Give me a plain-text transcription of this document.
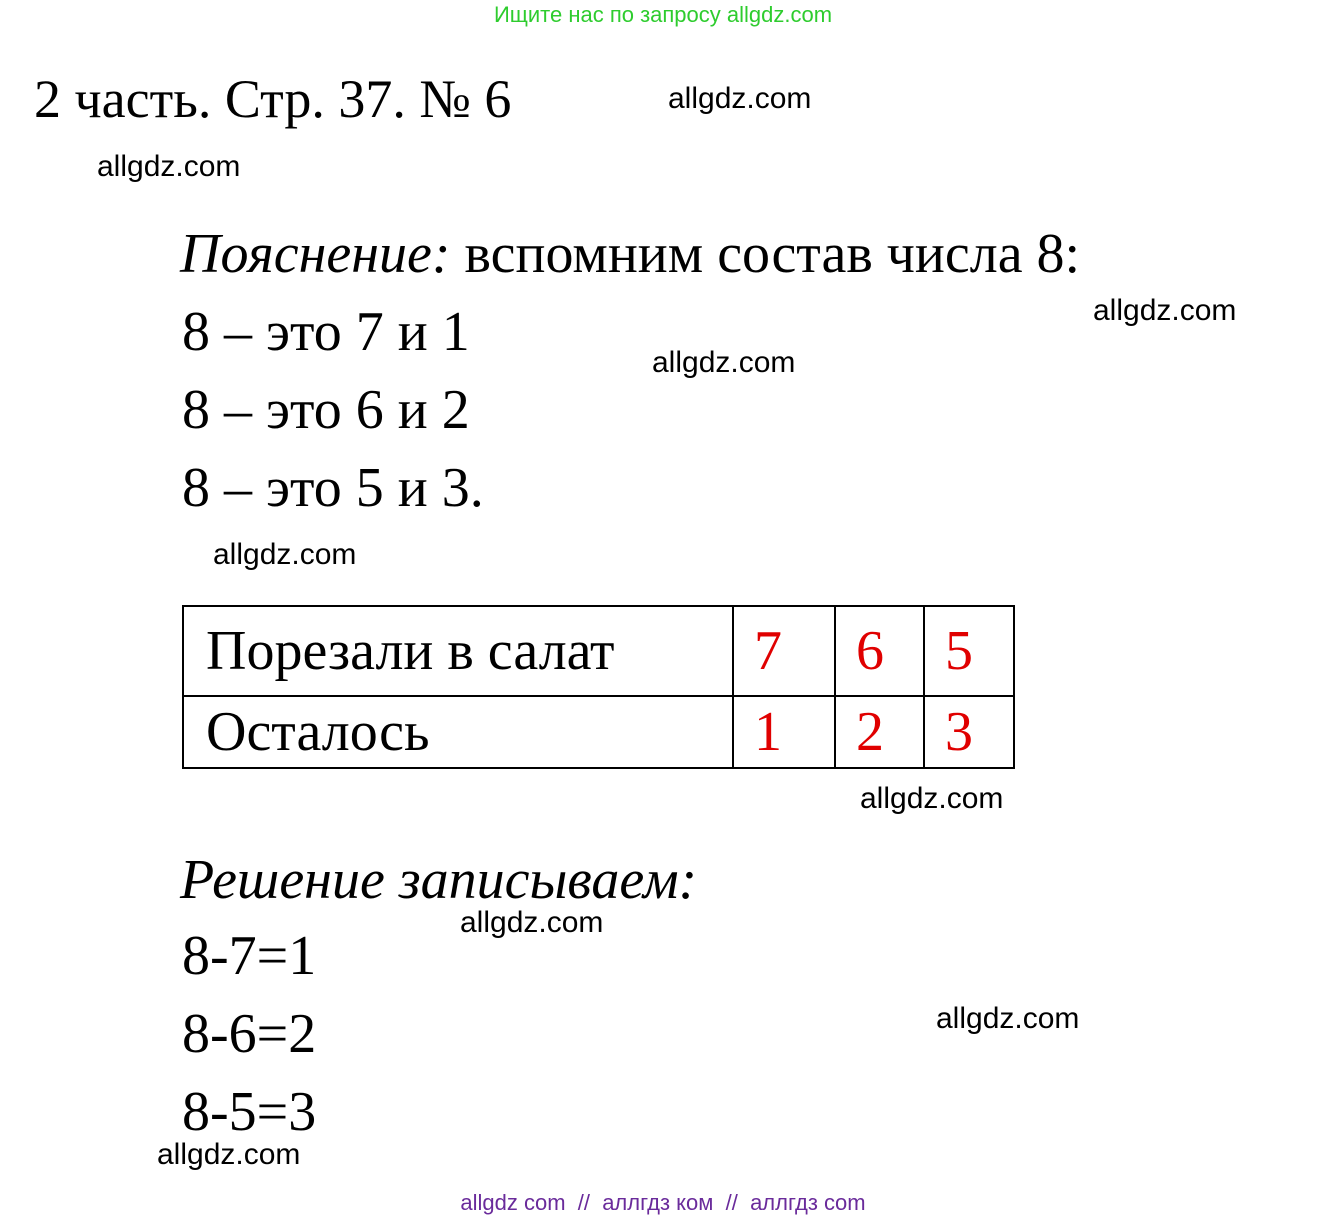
Ищите нас по запросу allgdz.com
2 часть. Стр. 37. № 6	allgdz.com
allgdz.com
allgdz.com
allgdz.com
allgdz.com
allgdz.com
allgdz.com
allgdz.com
allgdz.com
Пояснение: вспомним состав числа 8:
8 – это 7 и 1
8 – это 6 и 2
8 – это 5 и 3.
Порезали в салат	7	6	5
Осталось	1	2	3
Решение записываем:
8-7=1
8-6=2
8-5=3
allgdz com  //  аллгдз ком  //  аллгдз com
